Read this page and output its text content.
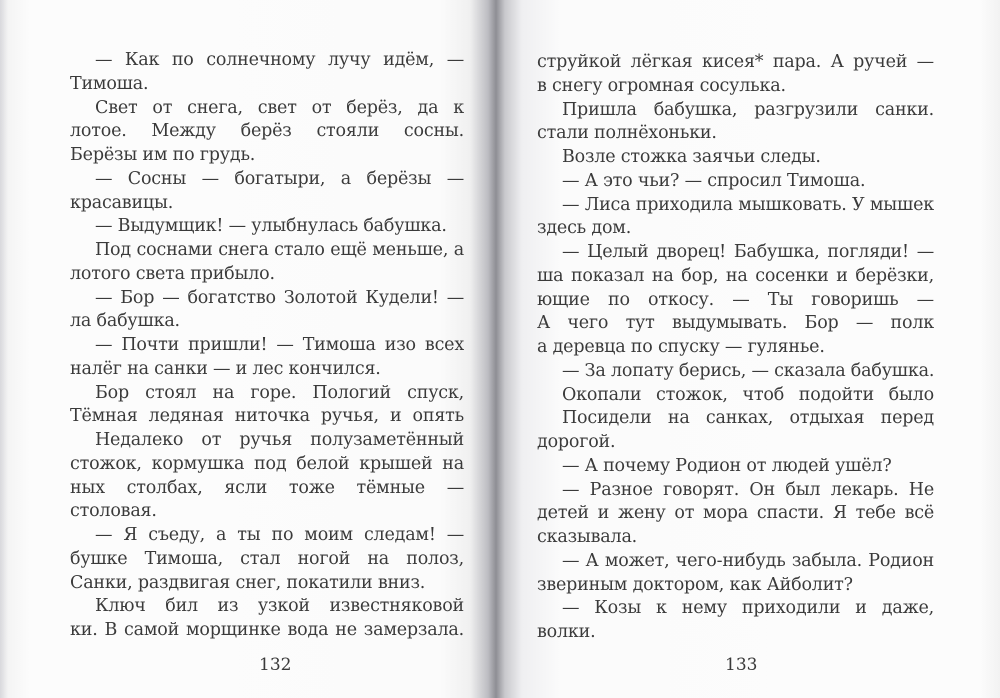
— Как по солнечному лучу идём, —
Тимоша.
Свет от снега, свет от берёз, да к
лотое. Между берёз стояли сосны.
Берёзы им по грудь.
— Сосны — богатыри, а берёзы —
красавицы.
— Выдумщик! — улыбнулась бабушка.
Под соснами снега стало ещё меньше, а
лотого света прибыло.
— Бор — богатство Золотой Кудели! —
ла бабушка.
— Почти пришли! — Тимоша изо всех
налёг на санки — и лес кончился.
Бор стоял на горе. Пологий спуск,
Тёмная ледяная ниточка ручья, и опять
Недалеко от ручья полузаметённый
стожок, кормушка под белой крышей на
ных столбах, ясли тоже тёмные —
столовая.
— Я съеду, а ты по моим следам! —
бушке Тимоша, стал ногой на полоз,
Санки, раздвигая снег, покатили вниз.
Ключ бил из узкой известняковой
ки. В самой морщинке вода не замерзала.
132
струйкой лёгкая кисея* пара. А ручей —
в снегу огромная сосулька.
Пришла бабушка, разгрузили санки.
стали полнёхоньки.
Возле стожка заячьи следы.
— А это чьи? — спросил Тимоша.
— Лиса приходила мышковать. У мышек
здесь дом.
— Целый дворец! Бабушка, погляди! —
ша показал на бор, на сосенки и берёзки,
ющие по откосу. — Ты говоришь —
А чего тут выдумывать. Бор — полк
а деревца по спуску — гулянье.
— За лопату берись, — сказала бабушка.
Окопали стожок, чтоб подойти было
Посидели на санках, отдыхая перед
дорогой.
— А почему Родион от людей ушёл?
— Разное говорят. Он был лекарь. Не
детей и жену от мора спасти. Я тебе всё
сказывала.
— А может, чего-нибудь забыла. Родион
звериным доктором, как Айболит?
— Козы к нему приходили и даже,
волки.
133
